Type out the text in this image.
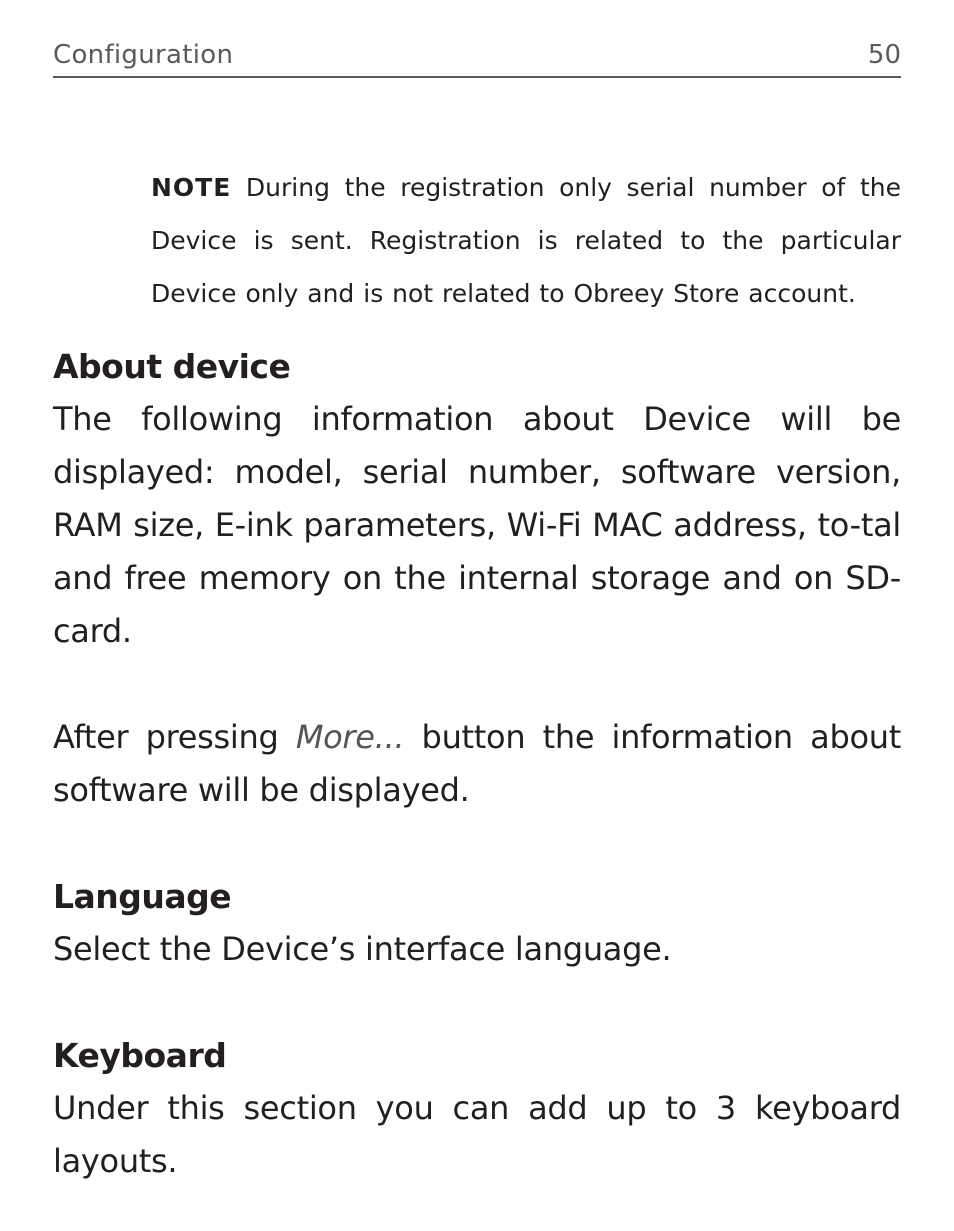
Configuration	50

NOTE During the registration only serial number of the Device is sent. Registration is related to the particular Device only and is not related to Obreey Store account.

About device

The following information about Device will be displayed: model, serial number, software version, RAM size, E-ink parameters, Wi-Fi MAC address, to-tal and free memory on the internal storage and on SD-card.

After pressing More... button the information about software will be displayed.

Language

Select the Device’s interface language.

Keyboard

Under this section you can add up to 3 keyboard layouts.
